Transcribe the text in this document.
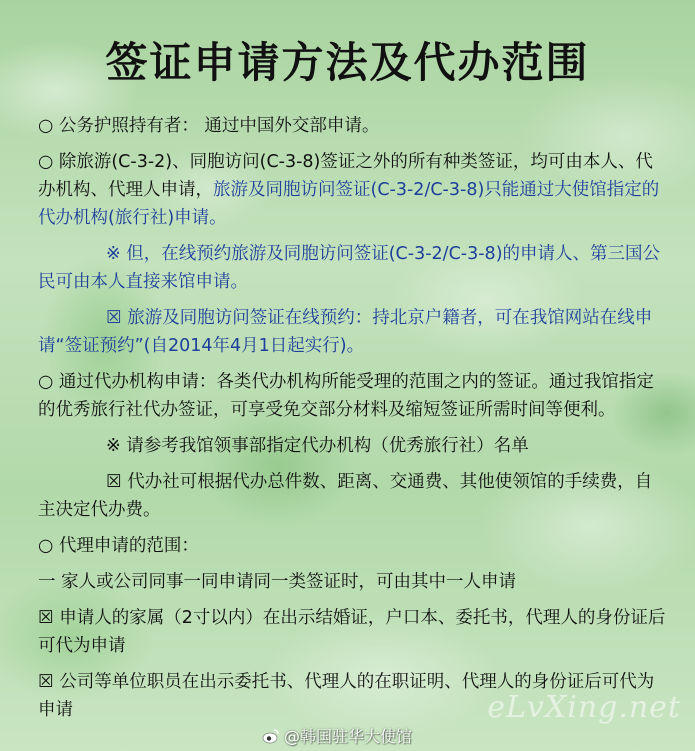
签证申请方法及代办范围

○ 公务护照持有者： 通过中国外交部申请。

○ 除旅游(C-3-2)、同胞访问(C-3-8)签证之外的所有种类签证，均可由本人、代办机构、代理人申请，旅游及同胞访问签证(C-3-2/C-3-8)只能通过大使馆指定的代办机构(旅行社)申请。

※ 但，在线预约旅游及同胞访问签证(C-3-2/C-3-8)的申请人、第三国公民可由本人直接来馆申请。

☒ 旅游及同胞访问签证在线预约：持北京户籍者，可在我馆网站在线申请“签证预约”(自2014年4月1日起实行)。

○ 通过代办机构申请：各类代办机构所能受理的范围之内的签证。通过我馆指定的优秀旅行社代办签证，可享受免交部分材料及缩短签证所需时间等便利。

※ 请参考我馆领事部指定代办机构（优秀旅行社）名单

☒ 代办社可根据代办总件数、距离、交通费、其他使领馆的手续费，自主决定代办费。

○ 代理申请的范围：

一 家人或公司同事一同申请同一类签证时，可由其中一人申请

☒ 申请人的家属（2寸以内）在出示结婚证，户口本、委托书，代理人的身份证后可代为申请

☒ 公司等单位职员在出示委托书、代理人的在职证明、代理人的身份证后可代为申请

@韩国驻华大使馆
eLvXing.net
